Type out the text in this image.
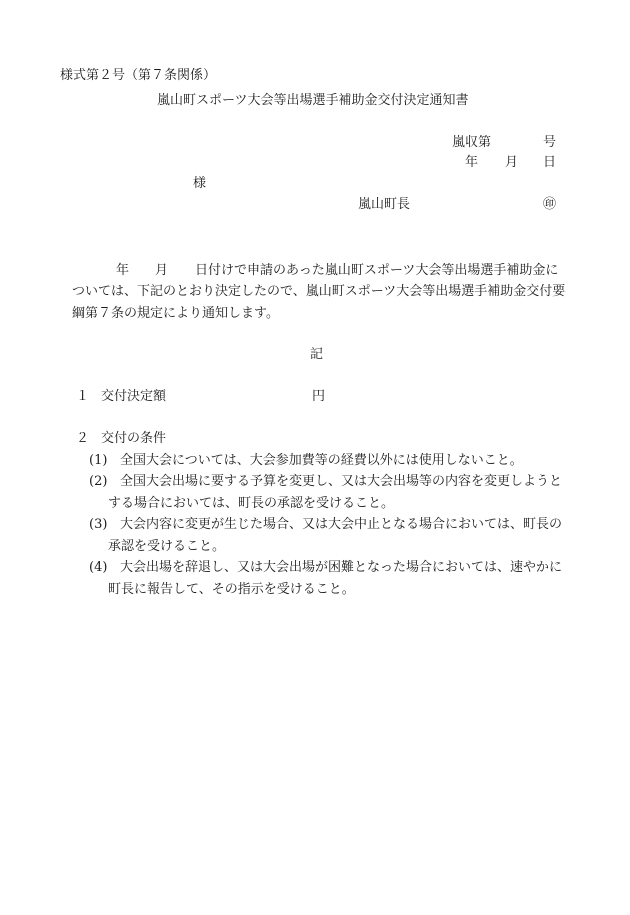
様式第２号（第７条関係）
嵐山町スポーツ大会等出場選手補助金交付決定通知書
嵐収第	号
年 月 日
様
嵐山町長	㊞
年 月 日付けで申請のあった嵐山町スポーツ大会等出場選手補助金に
ついては、下記のとおり決定したので、嵐山町スポーツ大会等出場選手補助金交付要
綱第７条の規定により通知します。
記
１ 交付決定額	円
２ 交付の条件
(1) 全国大会については、大会参加費等の経費以外には使用しないこと。
(2) 全国大会出場に要する予算を変更し、又は大会出場等の内容を変更しようと
する場合においては、町長の承認を受けること。
(3) 大会内容に変更が生じた場合、又は大会中止となる場合においては、町長の
承認を受けること。
(4) 大会出場を辞退し、又は大会出場が困難となった場合においては、速やかに
町長に報告して、その指示を受けること。
